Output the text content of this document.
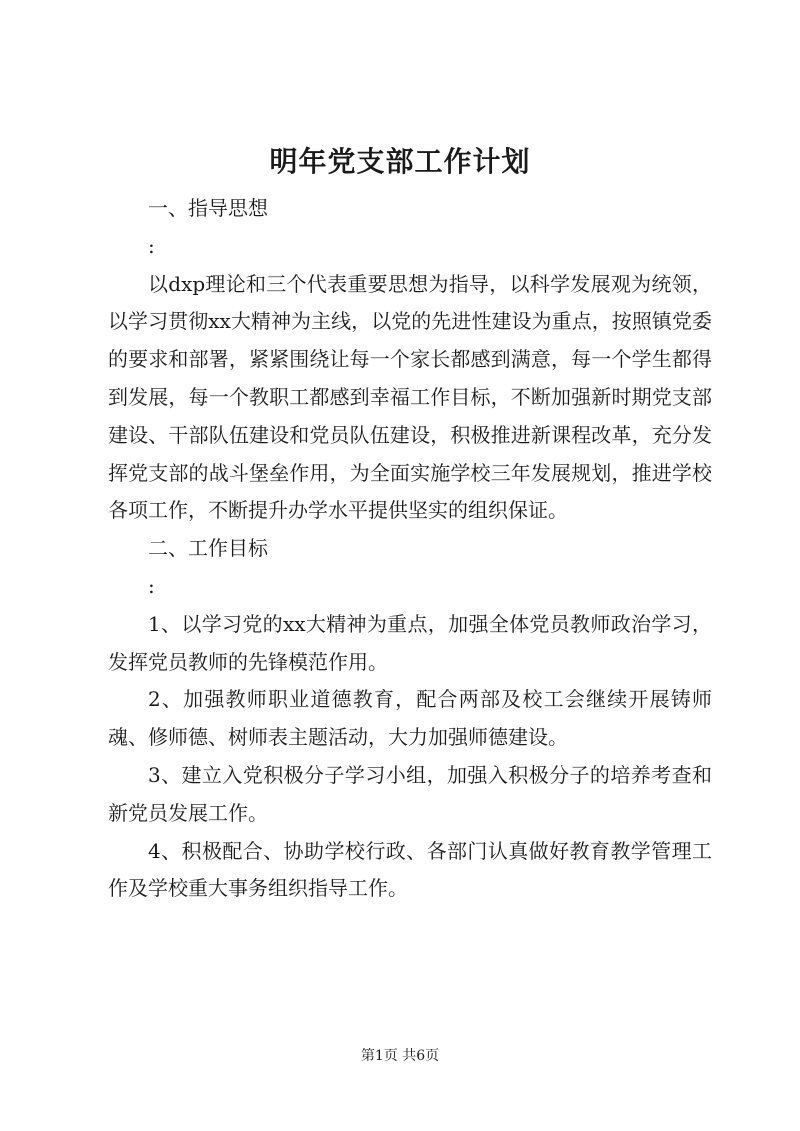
明年党支部工作计划

一、指导思想

:

以dxp理论和三个代表重要思想为指导，以科学发展观为统领，以学习贯彻xx大精神为主线，以党的先进性建设为重点，按照镇党委的要求和部署，紧紧围绕让每一个家长都感到满意，每一个学生都得到发展，每一个教职工都感到幸福工作目标，不断加强新时期党支部建设、干部队伍建设和党员队伍建设，积极推进新课程改革，充分发挥党支部的战斗堡垒作用，为全面实施学校三年发展规划，推进学校各项工作，不断提升办学水平提供坚实的组织保证。

二、工作目标

:

1、以学习党的xx大精神为重点，加强全体党员教师政治学习，发挥党员教师的先锋模范作用。

2、加强教师职业道德教育，配合两部及校工会继续开展铸师魂、修师德、树师表主题活动，大力加强师德建设。

3、建立入党积极分子学习小组，加强入积极分子的培养考查和新党员发展工作。

4、积极配合、协助学校行政、各部门认真做好教育教学管理工作及学校重大事务组织指导工作。

第1页 共6页
